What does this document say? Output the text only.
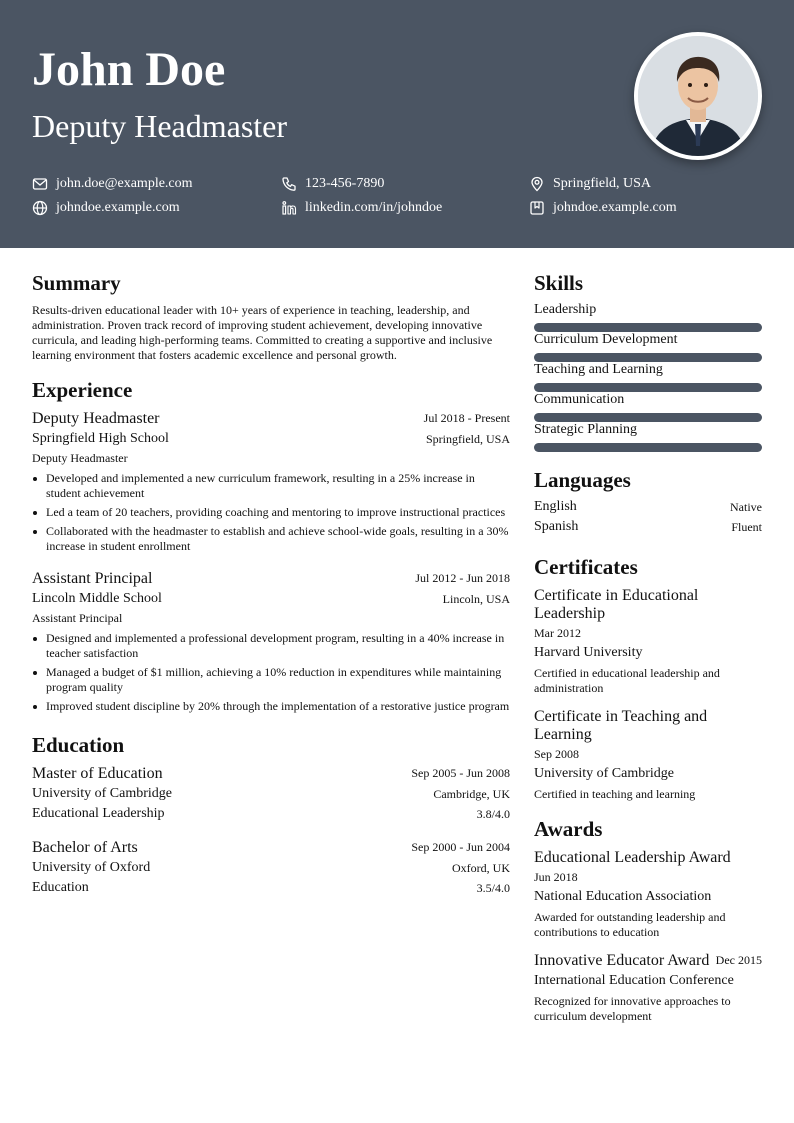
John Doe
Deputy Headmaster
john.doe@example.com	123-456-7890	Springfield, USA
johndoe.example.com	linkedin.com/in/johndoe	johndoe.example.com
Summary
Results-driven educational leader with 10+ years of experience in teaching, leadership, and administration. Proven track record of improving student achievement, developing innovative curricula, and leading high-performing teams. Committed to creating a supportive and inclusive learning environment that fosters academic excellence and personal growth.
Experience
Deputy Headmaster	Jul 2018 - Present
Springfield High School	Springfield, USA
Deputy Headmaster
Developed and implemented a new curriculum framework, resulting in a 25% increase in student achievement
Led a team of 20 teachers, providing coaching and mentoring to improve instructional practices
Collaborated with the headmaster to establish and achieve school-wide goals, resulting in a 30% increase in student enrollment
Assistant Principal	Jul 2012 - Jun 2018
Lincoln Middle School	Lincoln, USA
Assistant Principal
Designed and implemented a professional development program, resulting in a 40% increase in teacher satisfaction
Managed a budget of $1 million, achieving a 10% reduction in expenditures while maintaining program quality
Improved student discipline by 20% through the implementation of a restorative justice program
Education
Master of Education	Sep 2005 - Jun 2008
University of Cambridge	Cambridge, UK
Educational Leadership	3.8/4.0
Bachelor of Arts	Sep 2000 - Jun 2004
University of Oxford	Oxford, UK
Education	3.5/4.0
Skills
Leadership
Curriculum Development
Teaching and Learning
Communication
Strategic Planning
Languages
English	Native
Spanish	Fluent
Certificates
Certificate in Educational Leadership
Mar 2012
Harvard University
Certified in educational leadership and administration
Certificate in Teaching and Learning
Sep 2008
University of Cambridge
Certified in teaching and learning
Awards
Educational Leadership Award
Jun 2018
National Education Association
Awarded for outstanding leadership and contributions to education
Innovative Educator Award Dec 2015
International Education Conference
Recognized for innovative approaches to curriculum development
